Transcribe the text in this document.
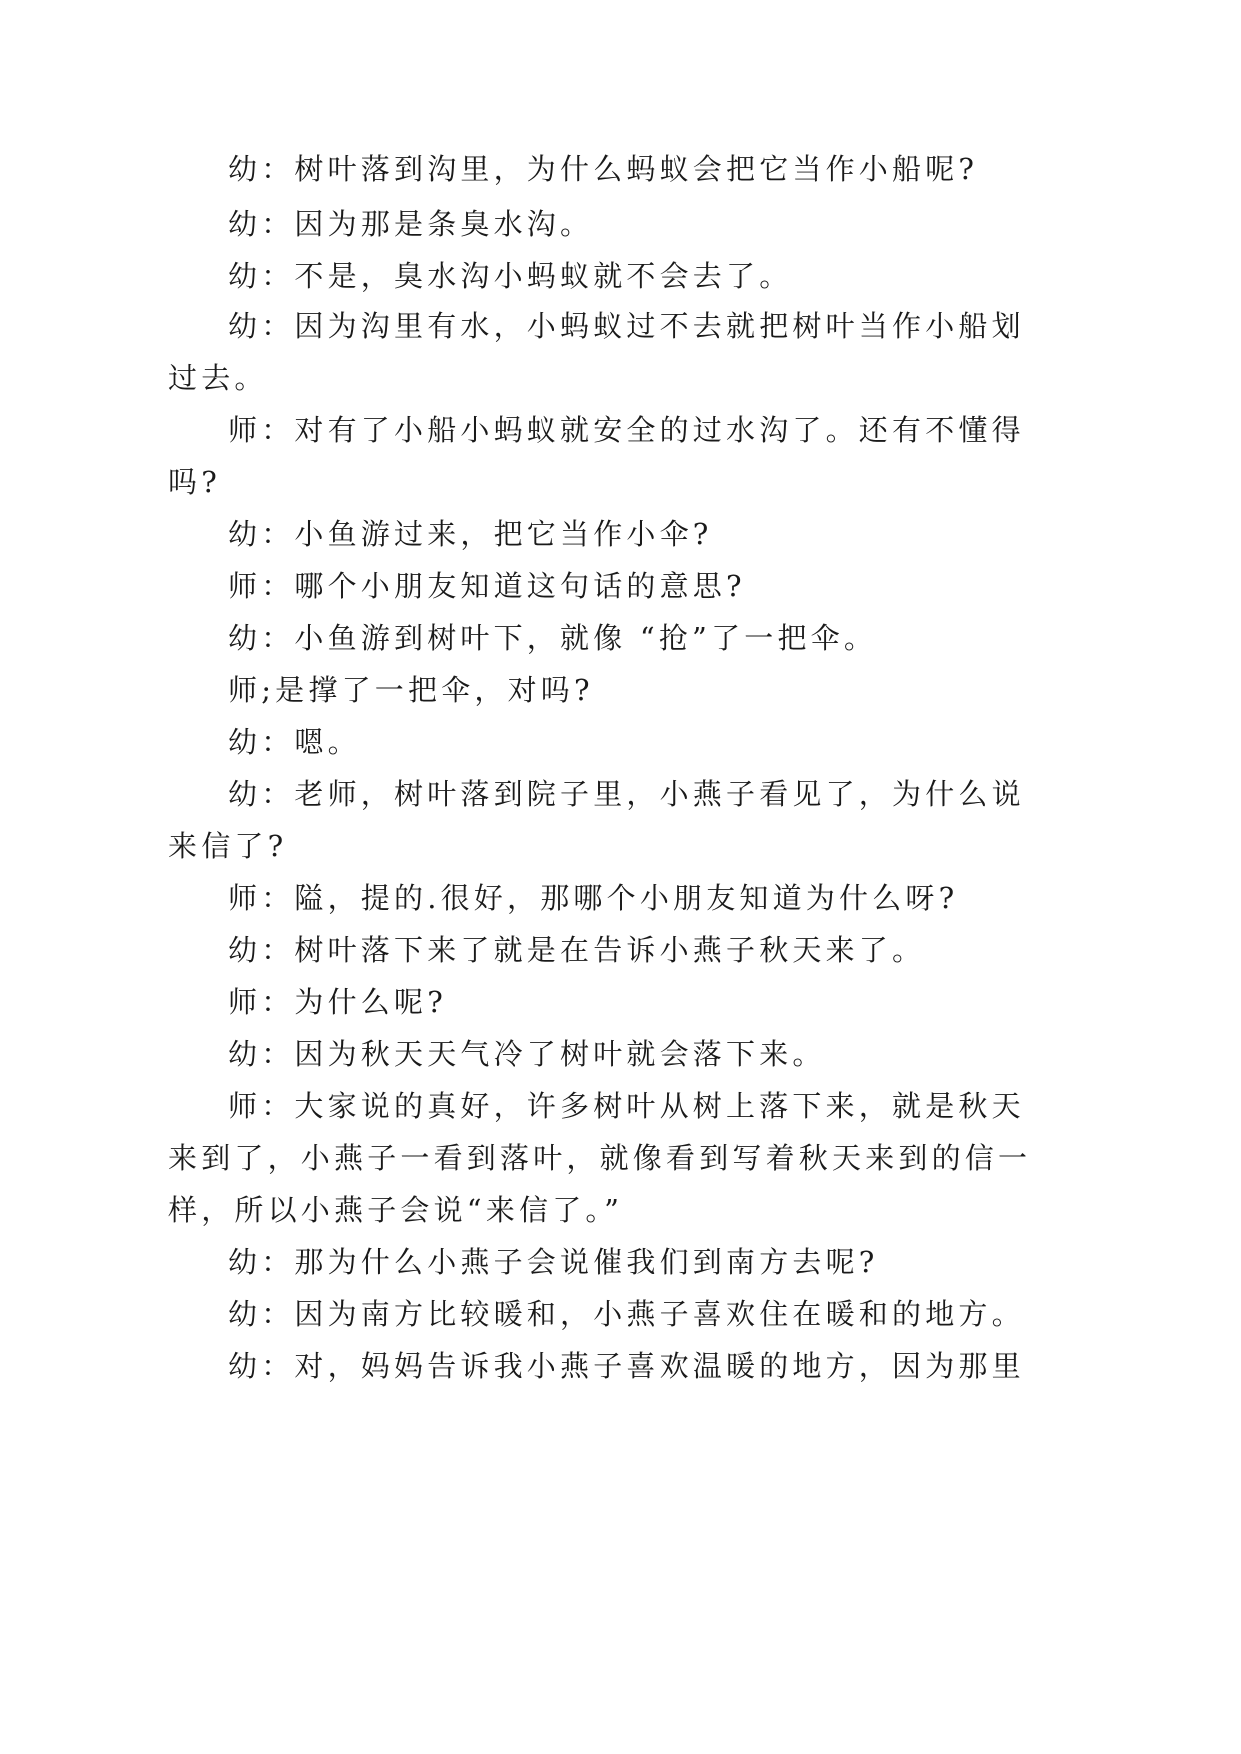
幼：树叶落到沟里，为什么蚂蚁会把它当作小船呢?
幼：因为那是条臭水沟。
幼：不是，臭水沟小蚂蚁就不会去了。
幼：因为沟里有水，小蚂蚁过不去就把树叶当作小船划
过去。
师：对有了小船小蚂蚁就安全的过水沟了。还有不懂得
吗?
幼：小鱼游过来，把它当作小伞?
师：哪个小朋友知道这句话的意思?
幼：小鱼游到树叶下，就像 “抢”了一把伞。
师;是撑了一把伞，对吗?
幼：嗯。
幼：老师，树叶落到院子里，小燕子看见了，为什么说
来信了?
师：隘，提的.很好，那哪个小朋友知道为什么呀?
幼：树叶落下来了就是在告诉小燕子秋天来了。
师：为什么呢?
幼：因为秋天天气冷了树叶就会落下来。
师：大家说的真好，许多树叶从树上落下来，就是秋天
来到了，小燕子一看到落叶，就像看到写着秋天来到的信一
样，所以小燕子会说“来信了。”
幼：那为什么小燕子会说催我们到南方去呢?
幼：因为南方比较暖和，小燕子喜欢住在暖和的地方。
幼：对，妈妈告诉我小燕子喜欢温暖的地方，因为那里
